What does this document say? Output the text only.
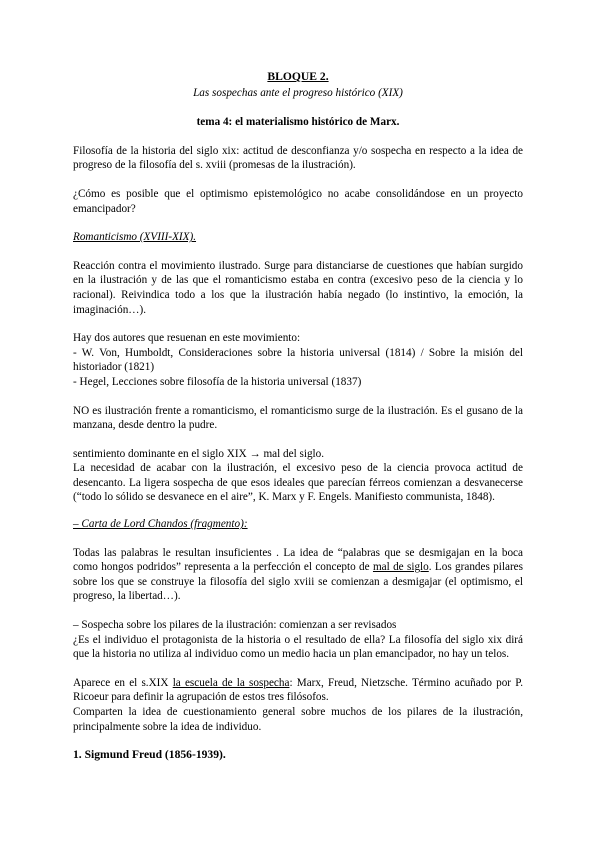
BLOQUE 2.

Las sospechas ante el progreso histórico (XIX)

tema 4: el materialismo histórico de Marx.

Filosofía de la historia del siglo xix: actitud de desconfianza y/o sospecha en respecto a la idea de progreso de la filosofía del s. xviii (promesas de la ilustración).

¿Cómo es posible que el optimismo epistemológico no acabe consolidándose en un proyecto emancipador?

Romanticismo (XVIII-XIX).

Reacción contra el movimiento ilustrado. Surge para distanciarse de cuestiones que habían surgido en la ilustración y de las que el romanticismo estaba en contra (excesivo peso de la ciencia y lo racional). Reivindica todo a los que la ilustración había negado (lo instintivo, la emoción, la imaginación…).

Hay dos autores que resuenan en este movimiento:

- W. Von, Humboldt, Consideraciones sobre la historia universal (1814) / Sobre la misión del historiador (1821)

- Hegel, Lecciones sobre filosofía de la historia universal (1837)

NO es ilustración frente a romanticismo, el romanticismo surge de la ilustración. Es el gusano de la manzana, desde dentro la pudre.

sentimiento dominante en el siglo XIX → mal del siglo.

La necesidad de acabar con la ilustración, el excesivo peso de la ciencia provoca actitud de desencanto. La ligera sospecha de que esos ideales que parecían férreos comienzan a desvanecerse (“todo lo sólido se desvanece en el aire”, K. Marx y F. Engels. Manifiesto communista, 1848).

– Carta de Lord Chandos (fragmento):

Todas las palabras le resultan insuficientes . La idea de “palabras que se desmigajan en la boca como hongos podridos” representa a la perfección el concepto de mal de siglo. Los grandes pilares sobre los que se construye la filosofía del siglo xviii se comienzan a desmigajar (el optimismo, el progreso, la libertad…).

– Sospecha sobre los pilares de la ilustración: comienzan a ser revisados

¿Es el individuo el protagonista de la historia o el resultado de ella? La filosofía del siglo xix dirá que la historia no utiliza al individuo como un medio hacia un plan emancipador, no hay un telos.

Aparece en el s.XIX la escuela de la sospecha: Marx, Freud, Nietzsche. Término acuñado por P. Ricoeur para definir la agrupación de estos tres filósofos.

Comparten la idea de cuestionamiento general sobre muchos de los pilares de la ilustración, principalmente sobre la idea de individuo.

1. Sigmund Freud (1856-1939).
